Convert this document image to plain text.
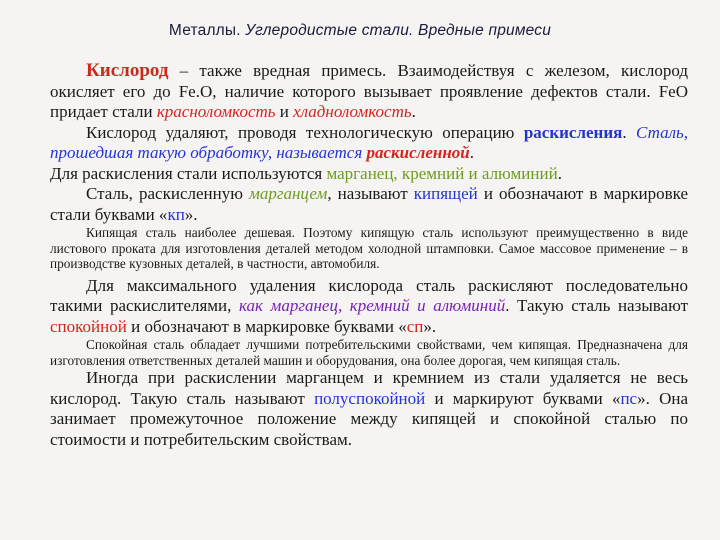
Металлы. Углеродистые стали. Вредные примеси

Кислород – также вредная примесь. Взаимодействуя с железом, кислород окисляет его до Fe.O, наличие которого вызывает проявление дефектов стали. FeO придает стали красноломкость и хладноломкость.

Кислород удаляют, проводя технологическую операцию раскисления. Сталь, прошедшая такую обработку, называется раскисленной.

Для раскисления стали используются марганец, кремний и алюминий.

Сталь, раскисленную марганцем, называют кипящей и обозначают в маркировке стали буквами «кп».

Кипящая сталь наиболее дешевая. Поэтому кипящую сталь используют преимущественно в виде листового проката для изготовления деталей методом холодной штамповки. Самое массовое применение – в производстве кузовных деталей, в частности, автомобиля.

Для максимального удаления кислорода сталь раскисляют последовательно такими раскислителями, как марганец, кремний и алюминий. Такую сталь называют спокойной и обозначают в маркировке буквами «сп».

Спокойная сталь обладает лучшими потребительскими свойствами, чем кипящая. Предназначена для изготовления ответственных деталей машин и оборудования, она более дорогая, чем кипящая сталь.

Иногда при раскислении марганцем и кремнием из стали удаляется не весь кислород. Такую сталь называют полуспокойной и маркируют буквами «пс». Она занимает промежуточное положение между кипящей и спокойной сталью по стоимости и потребительским свойствам.
